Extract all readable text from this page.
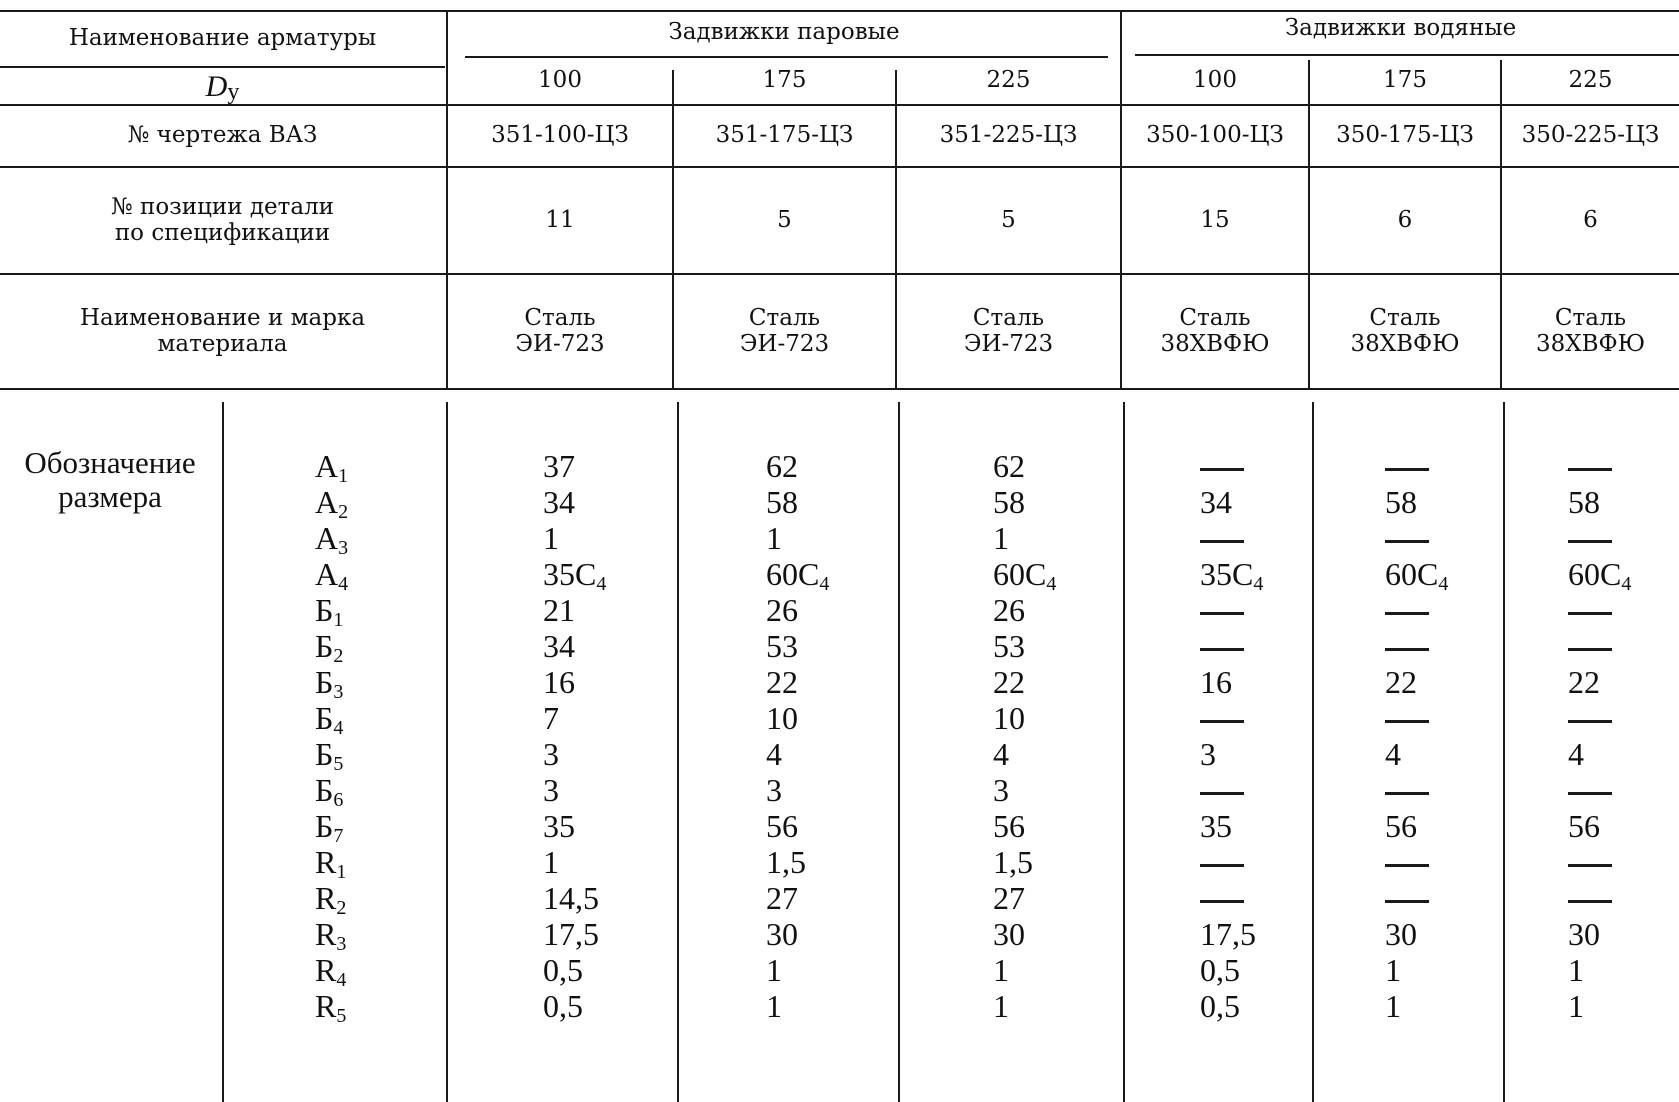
Наименование арматуры	Задвижки паровые	Задвижки водяные
D y
№ чертежа ВАЗ
№ позиции детали
по спецификации
Наименование и марка
материала
100
351-100-ЦЗ
11
Сталь
ЭИ-723
175
351-175-ЦЗ
5
Сталь
ЭИ-723
225
351-225-ЦЗ
5
Сталь
ЭИ-723
100
350-100-ЦЗ
15
Сталь
38ХВФЮ
175
350-175-ЦЗ
6
Сталь
38ХВФЮ
225
350-225-ЦЗ
6
Сталь
38ХВФЮ
Обозначение
размера
$A_1$
$A_2$
$A_3$
$A_4$
$Б_1$
$Б_2$
$Б_3$
$Б_4$
$Б_5$
$Б_6$
$Б_7$
$R_1$
$R_2$
$R_3$
$R_4$
$R_5$
37
34
1
$35C_4$
21
34
16
7
3
3
35
1
14,5
17,5
0,5
0,5
62
58
1
$60C_4$
26
53
22
10
4
3
56
1,5
27
30
1
1
62
58
1
$60C_4$
26
53
22
10
4
3
56
1,5
27
30
1
1
34
$35C_4$
16
3
35
17,5
0,5
0,5
58
$60C_4$
22
4
56
30
1
1
58
$60C_4$
22
4
56
30
1
1
